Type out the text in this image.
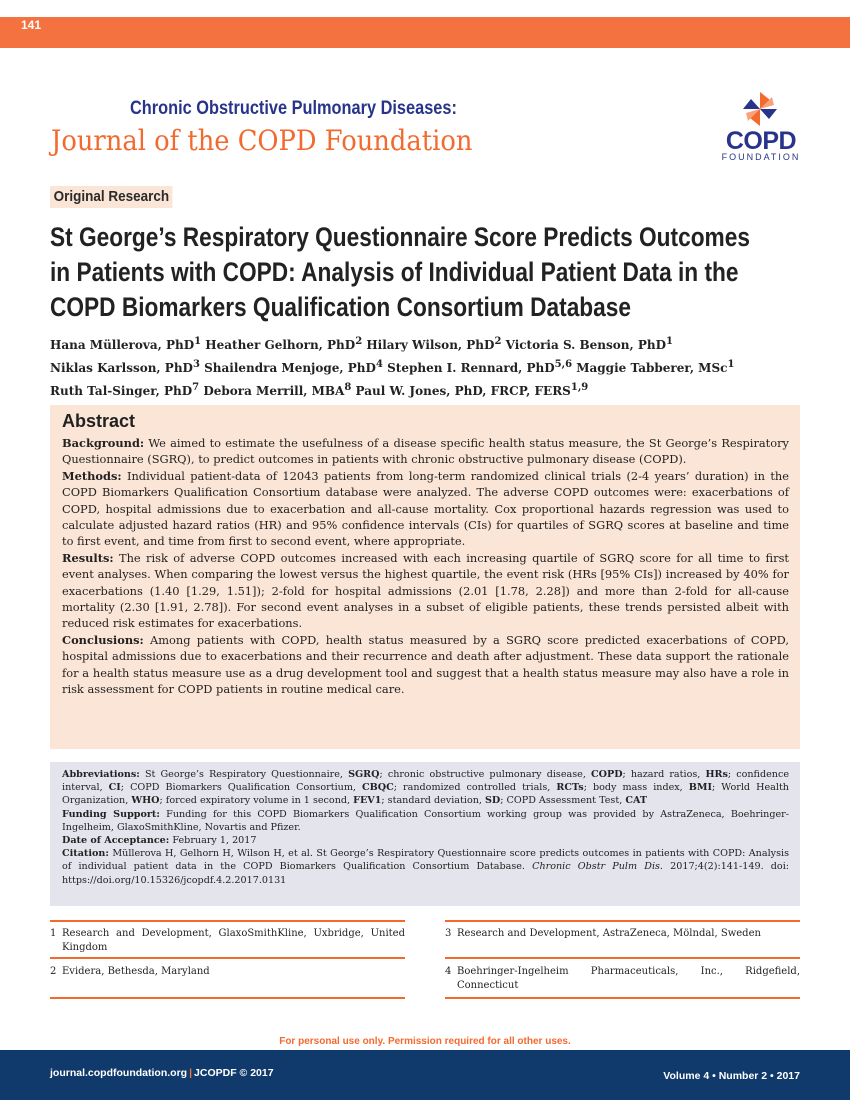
141
Chronic Obstructive Pulmonary Diseases:
Journal of the COPD Foundation	COPD
FOUNDATION
Original Research
St George’s Respiratory Questionnaire Score Predicts Outcomes
in Patients with COPD: Analysis of Individual Patient Data in the
COPD Biomarkers Qualification Consortium Database
Hana Müllerova, PhD$^1$ Heather Gelhorn, PhD$^2$ Hilary Wilson, PhD$^2$ Victoria S. Benson, PhD$^1$
Niklas Karlsson, PhD$^3$ Shailendra Menjoge, PhD$^4$ Stephen I. Rennard, PhD$^{5,6}$ Maggie Tabberer, MSc$^1$
Ruth Tal-Singer, PhD$^7$ Debora Merrill, MBA$^8$ Paul W. Jones, PhD, FRCP, FERS$^{1,9}$
Abstract

Background: We aimed to estimate the usefulness of a disease specific health status measure, the St George’s Respiratory Questionnaire (SGRQ), to predict outcomes in patients with chronic obstructive pulmonary disease (COPD).

Methods: Individual patient-data of 12043 patients from long-term randomized clinical trials (2-4 years’ duration) in the COPD Biomarkers Qualification Consortium database were analyzed. The adverse COPD outcomes were: exacerbations of COPD, hospital admissions due to exacerbation and all-cause mortality. Cox proportional hazards regression was used to calculate adjusted hazard ratios (HR) and 95% confidence intervals (CIs) for quartiles of SGRQ scores at baseline and time to first event, and time from first to second event, where appropriate.

Results: The risk of adverse COPD outcomes increased with each increasing quartile of SGRQ score for all time to first event analyses. When comparing the lowest versus the highest quartile, the event risk (HRs [95% CIs]) increased by 40% for exacerbations (1.40 [1.29, 1.51]); 2-fold for hospital admissions (2.01 [1.78, 2.28]) and more than 2-fold for all-cause mortality (2.30 [1.91, 2.78]). For second event analyses in a subset of eligible patients, these trends persisted albeit with reduced risk estimates for exacerbations.

Conclusions: Among patients with COPD, health status measured by a SGRQ score predicted exacerbations of COPD, hospital admissions due to exacerbations and their recurrence and death after adjustment. These data support the rationale for a health status measure use as a drug development tool and suggest that a health status measure may also have a role in risk assessment for COPD patients in routine medical care.

Abbreviations: St George’s Respiratory Questionnaire, SGRQ; chronic obstructive pulmonary disease, COPD; hazard ratios, HRs; confidence interval, CI; COPD Biomarkers Qualification Consortium, CBQC; randomized controlled trials, RCTs; body mass index, BMI; World Health Organization, WHO; forced expiratory volume in 1 second, FEV1; standard deviation, SD; COPD Assessment Test, CAT

Funding Support: Funding for this COPD Biomarkers Qualification Consortium working group was provided by AstraZeneca, Boehringer-Ingelheim, GlaxoSmithKline, Novartis and Pfizer.

Date of Acceptance: February 1, 2017

Citation: Müllerova H, Gelhorn H, Wilson H, et al. St George’s Respiratory Questionnaire score predicts outcomes in patients with COPD: Analysis of individual patient data in the COPD Biomarkers Qualification Consortium Database. Chronic Obstr Pulm Dis. 2017;4(2):141-149. doi: https://doi.org/10.15326/jcopdf.4.2.2017.0131

1 Research and Development, GlaxoSmithKline, Uxbridge, United Kingdom
2 Evidera, Bethesda, Maryland
3 Research and Development, AstraZeneca, Mölndal, Sweden
4 Boehringer-Ingelheim Pharmaceuticals, Inc., Ridgefield, Connecticut
For personal use only. Permission required for all other uses.
journal.copdfoundation.org | JCOPDF © 2017	Volume 4 • Number 2 • 2017
